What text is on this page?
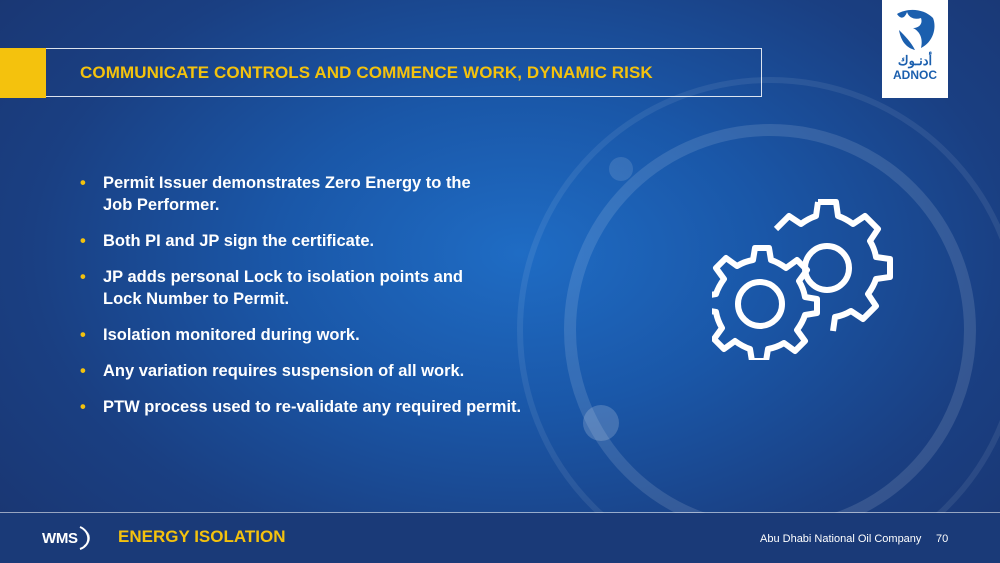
COMMUNICATE CONTROLS AND COMMENCE WORK, DYNAMIC RISK
أدنـوك
ADNOC
• Permit Issuer demonstrates Zero Energy to the
Job Performer.
• Both PI and JP sign the certificate.
• JP adds personal Lock to isolation points and
Lock Number to Permit.
• Isolation monitored during work.
• Any variation requires suspension of all work.
• PTW process used to re-validate any required permit.
WMS ENERGY ISOLATION	Abu Dhabi National Oil Company 70
